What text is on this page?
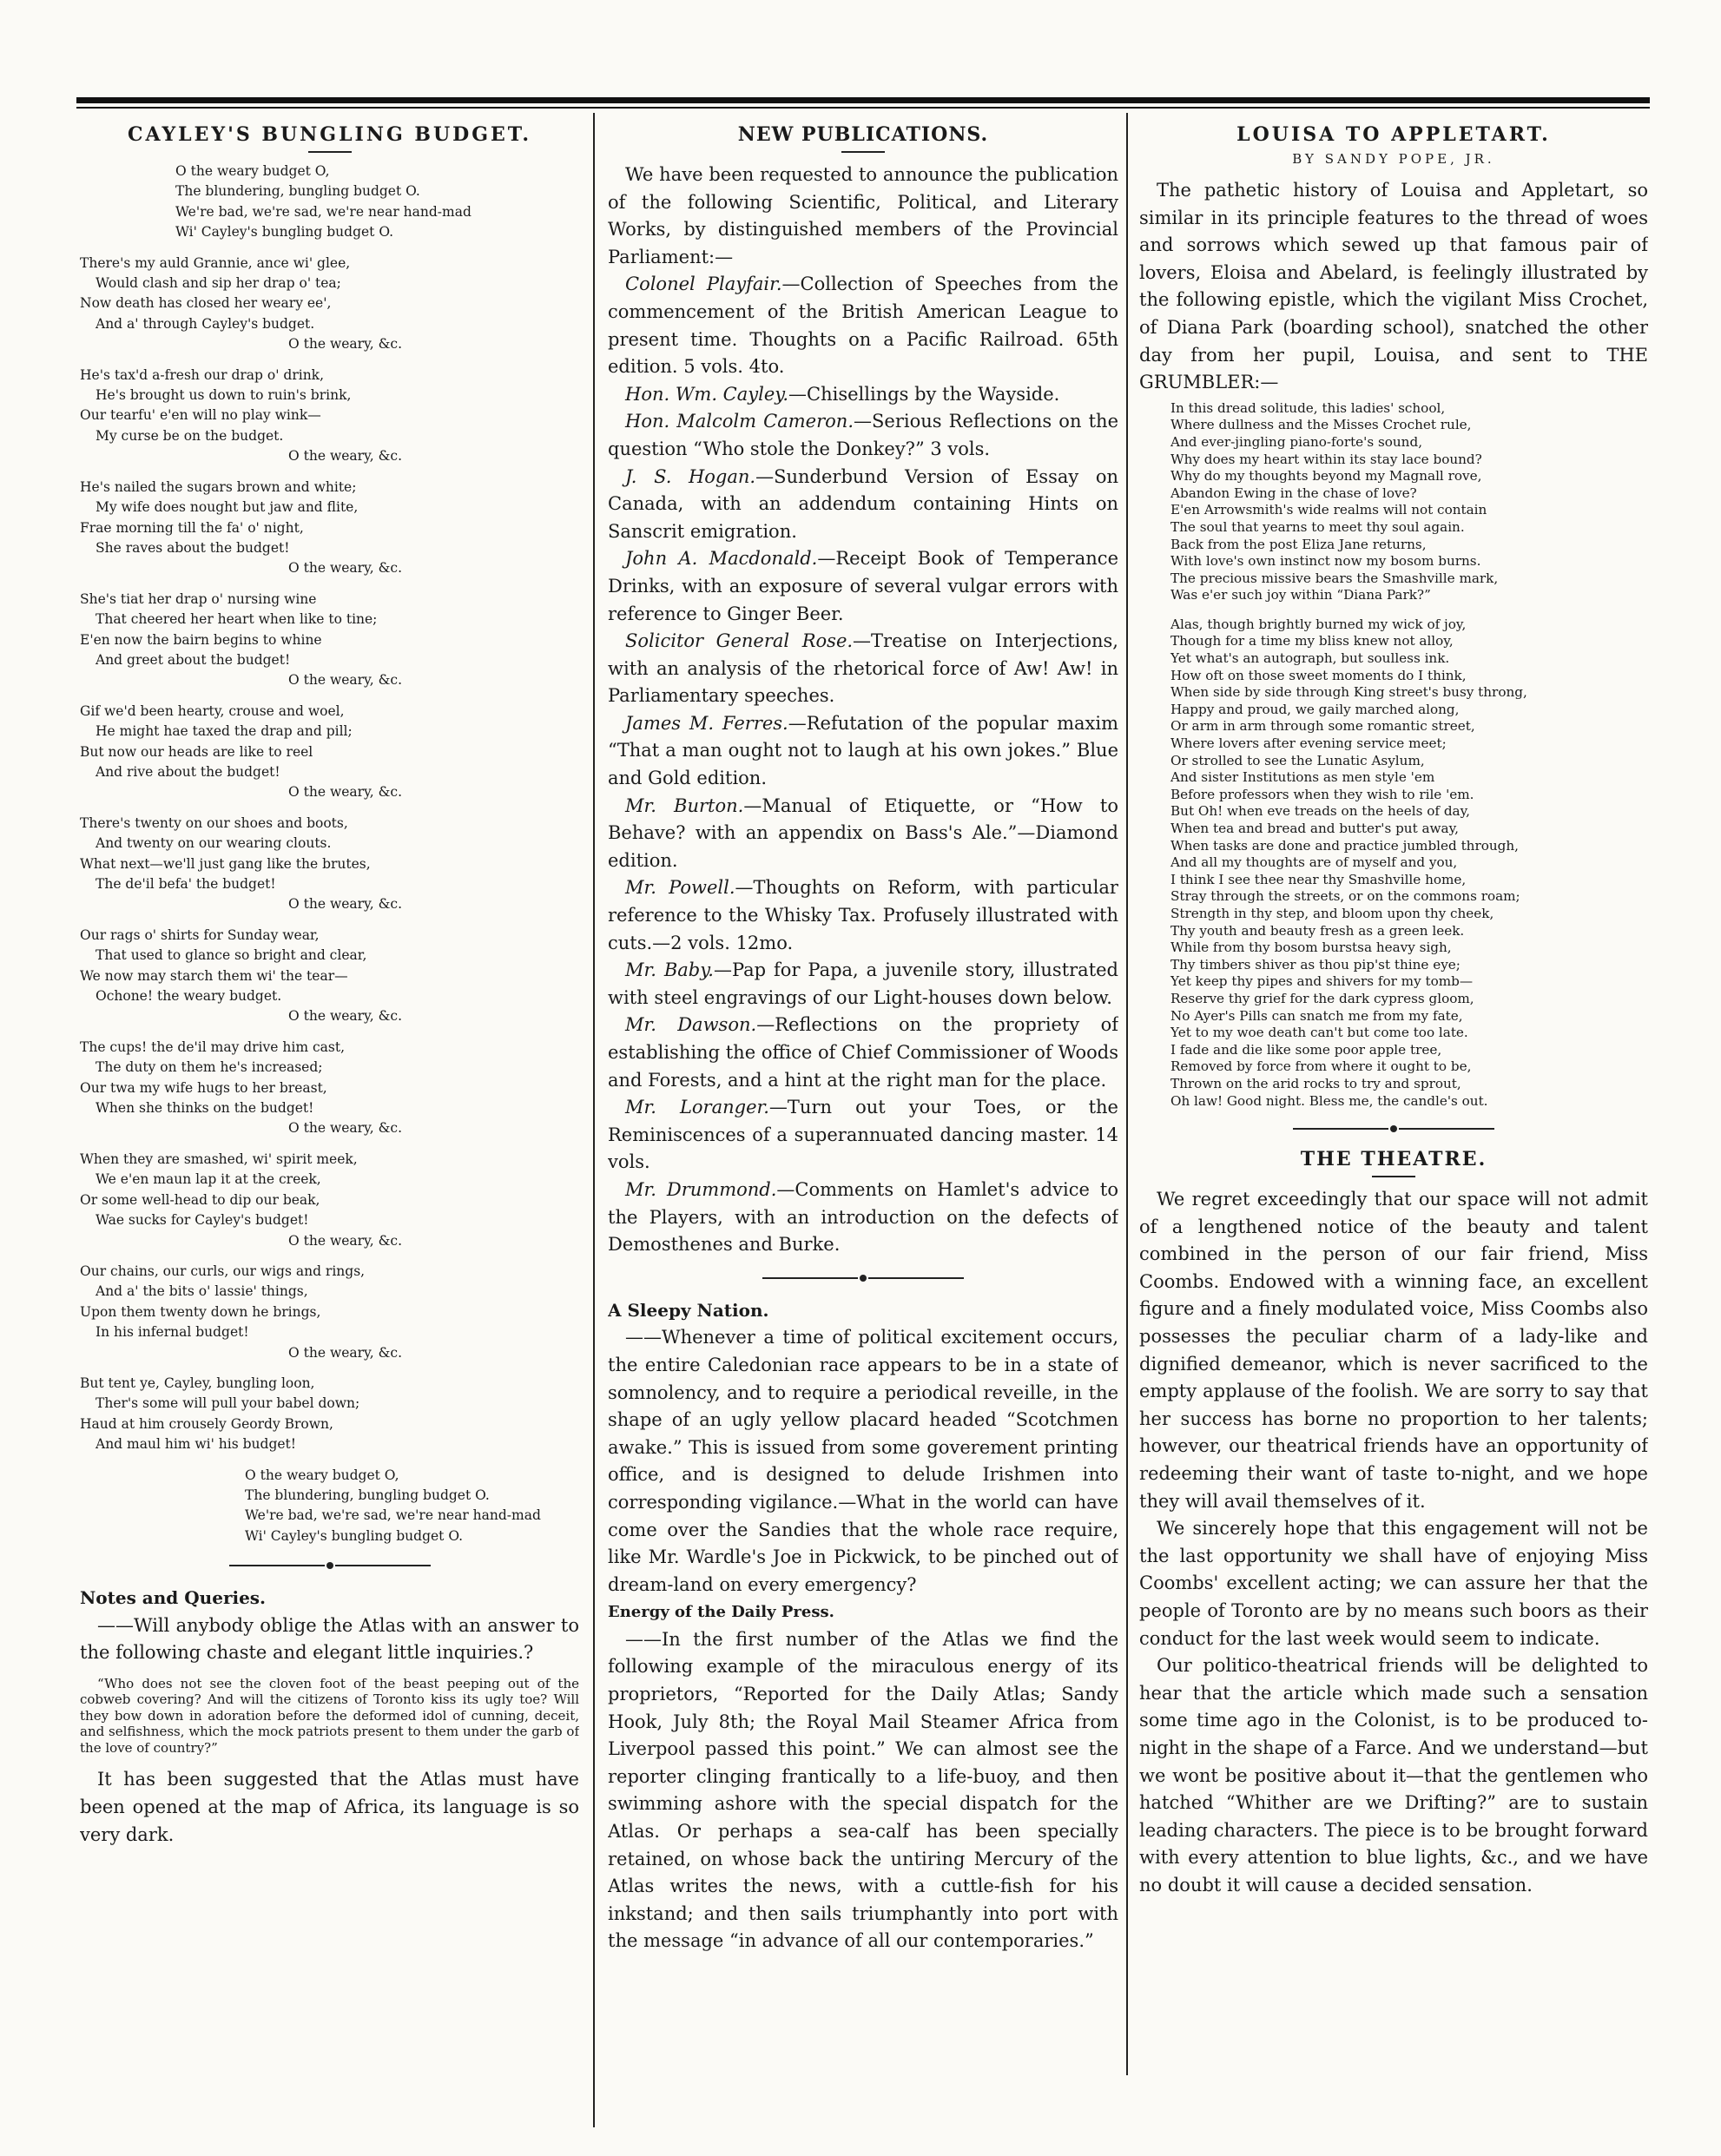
CAYLEY'S BUNGLING BUDGET.

O the weary budget O,

The blundering, bungling budget O.

We're bad, we're sad, we're near hand-mad

Wi' Cayley's bungling budget O.

There's my auld Grannie, ance wi' glee,

Would clash and sip her drap o' tea;

Now death has closed her weary ee',

And a' through Cayley's budget.

O the weary, &c.

He's tax'd a-fresh our drap o' drink,

He's brought us down to ruin's brink,

Our tearfu' e'en will no play wink—

My curse be on the budget.

O the weary, &c.

He's nailed the sugars brown and white;

My wife does nought but jaw and flite,

Frae morning till the fa' o' night,

She raves about the budget!

O the weary, &c.

She's tiat her drap o' nursing wine

That cheered her heart when like to tine;

E'en now the bairn begins to whine

And greet about the budget!

O the weary, &c.

Gif we'd been hearty, crouse and woel,

He might hae taxed the drap and pill;

But now our heads are like to reel

And rive about the budget!

O the weary, &c.

There's twenty on our shoes and boots,

And twenty on our wearing clouts.

What next—we'll just gang like the brutes,

The de'il befa' the budget!

O the weary, &c.

Our rags o' shirts for Sunday wear,

That used to glance so bright and clear,

We now may starch them wi' the tear—

Ochone! the weary budget.

O the weary, &c.

The cups! the de'il may drive him cast,

The duty on them he's increased;

Our twa my wife hugs to her breast,

When she thinks on the budget!

O the weary, &c.

When they are smashed, wi' spirit meek,

We e'en maun lap it at the creek,

Or some well-head to dip our beak,

Wae sucks for Cayley's budget!

O the weary, &c.

Our chains, our curls, our wigs and rings,

And a' the bits o' lassie' things,

Upon them twenty down he brings,

In his infernal budget!

O the weary, &c.

But tent ye, Cayley, bungling loon,

Ther's some will pull your babel down;

Haud at him crousely Geordy Brown,

And maul him wi' his budget!

O the weary budget O,

The blundering, bungling budget O.

We're bad, we're sad, we're near hand-mad

Wi' Cayley's bungling budget O.

Notes and Queries.

——Will anybody oblige the Atlas with an answer to the following chaste and elegant little inquiries.?

“Who does not see the cloven foot of the beast peeping out of the cobweb covering? And will the citizens of Toronto kiss its ugly toe? Will they bow down in adoration before the deformed idol of cunning, deceit, and selfishness, which the mock patriots present to them under the garb of the love of country?”

It has been suggested that the Atlas must have been opened at the map of Africa, its language is so very dark.

NEW PUBLICATIONS.

We have been requested to announce the publication of the following Scientific, Political, and Literary Works, by distinguished members of the Provincial Parliament:—

Colonel Playfair.—Collection of Speeches from the commencement of the British American League to present time. Thoughts on a Pacific Railroad. 65th edition. 5 vols. 4to.

Hon. Wm. Cayley.—Chisellings by the Wayside.

Hon. Malcolm Cameron.—Serious Reflections on the question “Who stole the Donkey?” 3 vols.

J. S. Hogan.—Sunderbund Version of Essay on Canada, with an addendum containing Hints on Sanscrit emigration.

John A. Macdonald.—Receipt Book of Temperance Drinks, with an exposure of several vulgar errors with reference to Ginger Beer.

Solicitor General Rose.—Treatise on Interjections, with an analysis of the rhetorical force of Aw! Aw! in Parliamentary speeches.

James M. Ferres.—Refutation of the popular maxim “That a man ought not to laugh at his own jokes.” Blue and Gold edition.

Mr. Burton.—Manual of Etiquette, or “How to Behave? with an appendix on Bass's Ale.”—Diamond edition.

Mr. Powell.—Thoughts on Reform, with particular reference to the Whisky Tax. Profusely illustrated with cuts.—2 vols. 12mo.

Mr. Baby.—Pap for Papa, a juvenile story, illustrated with steel engravings of our Light-houses down below.

Mr. Dawson.—Reflections on the propriety of establishing the office of Chief Commissioner of Woods and Forests, and a hint at the right man for the place.

Mr. Loranger.—Turn out your Toes, or the Reminiscences of a superannuated dancing master. 14 vols.

Mr. Drummond.—Comments on Hamlet's advice to the Players, with an introduction on the defects of Demosthenes and Burke.

A Sleepy Nation.

——Whenever a time of political excitement occurs, the entire Caledonian race appears to be in a state of somnolency, and to require a periodical reveille, in the shape of an ugly yellow placard headed “Scotchmen awake.” This is issued from some goverement printing office, and is designed to delude Irishmen into corresponding vigilance.—What in the world can have come over the Sandies that the whole race require, like Mr. Wardle's Joe in Pickwick, to be pinched out of dream-land on every emergency?

Energy of the Daily Press.

——In the first number of the Atlas we find the following example of the miraculous energy of its proprietors, “Reported for the Daily Atlas; Sandy Hook, July 8th; the Royal Mail Steamer Africa from Liverpool passed this point.” We can almost see the reporter clinging frantically to a life-buoy, and then swimming ashore with the special dispatch for the Atlas. Or perhaps a sea-calf has been specially retained, on whose back the untiring Mercury of the Atlas writes the news, with a cuttle-fish for his inkstand; and then sails triumphantly into port with the message “in advance of all our contemporaries.”

LOUISA TO APPLETART.
BY SANDY POPE, JR.

The pathetic history of Louisa and Appletart, so similar in its principle features to the thread of woes and sorrows which sewed up that famous pair of lovers, Eloisa and Abelard, is feelingly illustrated by the following epistle, which the vigilant Miss Crochet, of Diana Park (boarding school), snatched the other day from her pupil, Louisa, and sent to THE GRUMBLER:—

In this dread solitude, this ladies' school,

Where dullness and the Misses Crochet rule,

And ever-jingling piano-forte's sound,

Why does my heart within its stay lace bound?

Why do my thoughts beyond my Magnall rove,

Abandon Ewing in the chase of love?

E'en Arrowsmith's wide realms will not contain

The soul that yearns to meet thy soul again.

Back from the post Eliza Jane returns,

With love's own instinct now my bosom burns.

The precious missive bears the Smashville mark,

Was e'er such joy within “Diana Park?”

Alas, though brightly burned my wick of joy,

Though for a time my bliss knew not alloy,

Yet what's an autograph, but soulless ink.

How oft on those sweet moments do I think,

When side by side through King street's busy throng,

Happy and proud, we gaily marched along,

Or arm in arm through some romantic street,

Where lovers after evening service meet;

Or strolled to see the Lunatic Asylum,

And sister Institutions as men style 'em

Before professors when they wish to rile 'em.

But Oh! when eve treads on the heels of day,

When tea and bread and butter's put away,

When tasks are done and practice jumbled through,

And all my thoughts are of myself and you,

I think I see thee near thy Smashville home,

Stray through the streets, or on the commons roam;

Strength in thy step, and bloom upon thy cheek,

Thy youth and beauty fresh as a green leek.

While from thy bosom burstsa heavy sigh,

Thy timbers shiver as thou pip'st thine eye;

Yet keep thy pipes and shivers for my tomb—

Reserve thy grief for the dark cypress gloom,

No Ayer's Pills can snatch me from my fate,

Yet to my woe death can't but come too late.

I fade and die like some poor apple tree,

Removed by force from where it ought to be,

Thrown on the arid rocks to try and sprout,

Oh law! Good night. Bless me, the candle's out.

THE THEATRE.

We regret exceedingly that our space will not admit of a lengthened notice of the beauty and talent combined in the person of our fair friend, Miss Coombs. Endowed with a winning face, an excellent figure and a finely modulated voice, Miss Coombs also possesses the peculiar charm of a lady-like and dignified demeanor, which is never sacrificed to the empty applause of the foolish. We are sorry to say that her success has borne no proportion to her talents; however, our theatrical friends have an opportunity of redeeming their want of taste to-night, and we hope they will avail themselves of it.

We sincerely hope that this engagement will not be the last opportunity we shall have of enjoying Miss Coombs' excellent acting; we can assure her that the people of Toronto are by no means such boors as their conduct for the last week would seem to indicate.

Our politico-theatrical friends will be delighted to hear that the article which made such a sensation some time ago in the Colonist, is to be produced to-night in the shape of a Farce. And we understand—but we wont be positive about it—that the gentlemen who hatched “Whither are we Drifting?” are to sustain leading characters. The piece is to be brought forward with every attention to blue lights, &c., and we have no doubt it will cause a decided sensation.
